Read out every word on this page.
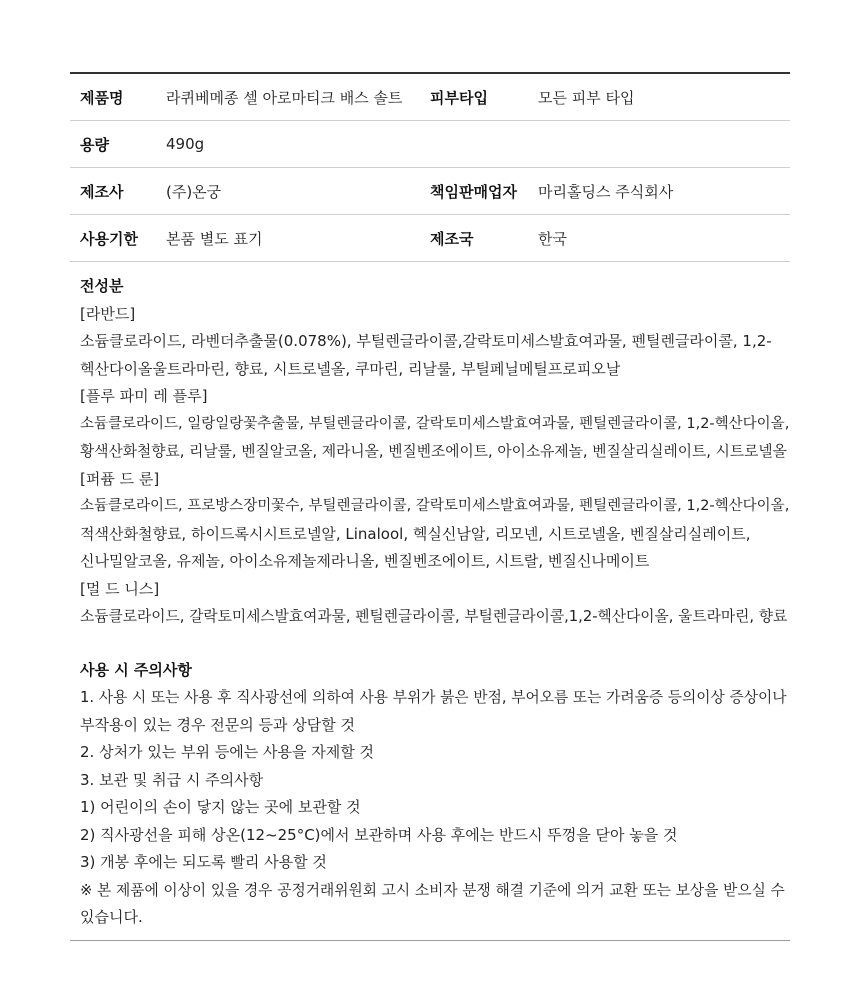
제품명	라퀴베메종 셀 아로마티크 배스 솔트	피부타입	모든 피부 타입
용량	490g
제조사	(주)온궁	책임판매업자	마리홀딩스 주식회사
사용기한	본품 별도 표기	제조국	한국
전성분
[라반드]
소듐클로라이드, 라벤더추출물(0.078%), 부틸렌글라이콜,갈락토미세스발효여과물, 펜틸렌글라이콜, 1,2-
헥산다이올울트라마린, 향료, 시트로넬올, 쿠마린, 리날룰, 부틸페닐메틸프로피오날
[플루 파미 레 플루]
소듐클로라이드, 일랑일랑꽃추출물, 부틸렌글라이콜, 갈락토미세스발효여과물, 펜틸렌글라이콜, 1,2-헥산다이올,
황색산화철향료, 리날룰, 벤질알코올, 제라니올, 벤질벤조에이트, 아이소유제놀, 벤질살리실레이트, 시트로넬올
[퍼퓸 드 룬]
소듐클로라이드, 프로방스장미꽃수, 부틸렌글라이콜, 갈락토미세스발효여과물, 펜틸렌글라이콜, 1,2-헥산다이올,
적색산화철향료, 하이드록시시트로넬알, Linalool, 헥실신남알, 리모넨, 시트로넬올, 벤질살리실레이트,
신나밀알코올, 유제놀, 아이소유제놀제라니올, 벤질벤조에이트, 시트랄, 벤질신나메이트
[멀 드 니스]
소듐클로라이드, 갈락토미세스발효여과물, 펜틸렌글라이콜, 부틸렌글라이콜,1,2-헥산다이올, 울트라마린, 향료
사용 시 주의사항
1. 사용 시 또는 사용 후 직사광선에 의하여 사용 부위가 붉은 반점, 부어오름 또는 가려움증 등의이상 증상이나
부작용이 있는 경우 전문의 등과 상담할 것
2. 상처가 있는 부위 등에는 사용을 자제할 것
3. 보관 및 취급 시 주의사항
1) 어린이의 손이 닿지 않는 곳에 보관할 것
2) 직사광선을 피해 상온(12~25°C)에서 보관하며 사용 후에는 반드시 뚜껑을 닫아 놓을 것
3) 개봉 후에는 되도록 빨리 사용할 것
※ 본 제품에 이상이 있을 경우 공정거래위원회 고시 소비자 분쟁 해결 기준에 의거 교환 또는 보상을 받으실 수
있습니다.
